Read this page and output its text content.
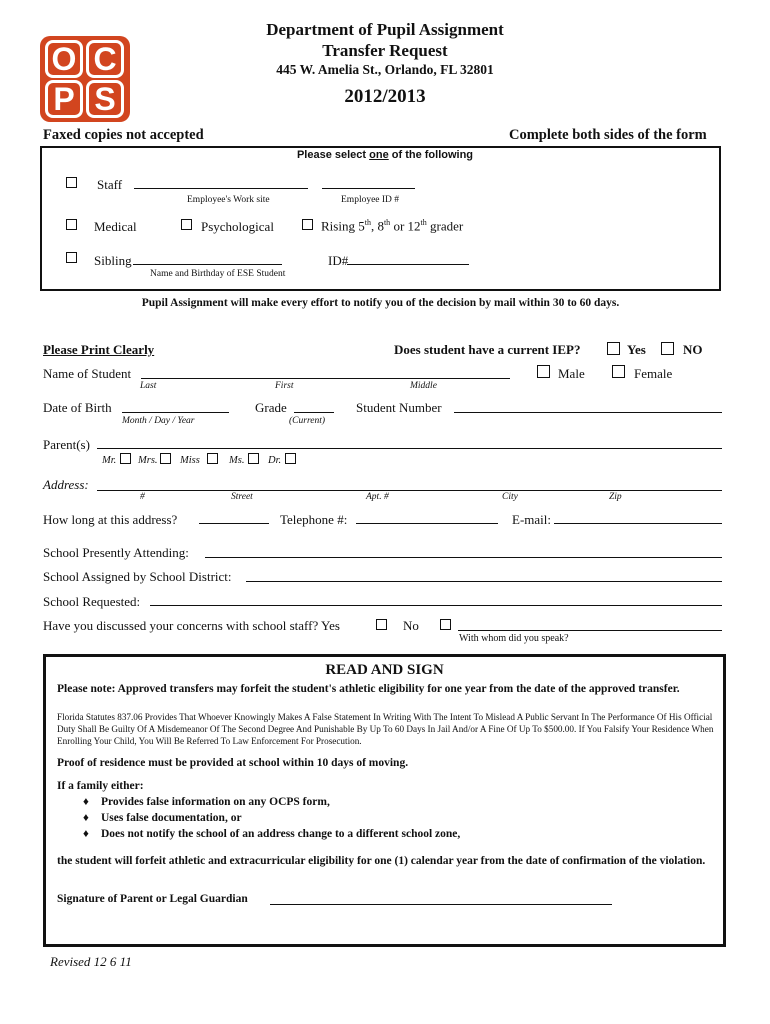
O C
P S
Department of Pupil Assignment
Transfer Request
445 W. Amelia St., Orlando, FL 32801
2012/2013
Faxed copies not accepted	Complete both sides of the form
Please select one of the following
Staff
Employee's Work site	Employee ID #
Medical	Psychological	Rising 5th, 8th or 12th grader
Sibling	ID#
Name and Birthday of ESE Student
Pupil Assignment will make every effort to notify you of the decision by mail within 30 to 60 days.
Please Print Clearly	Does student have a current IEP?	Yes	NO
Name of Student
Last	First	Middle
Male	Female
Date of Birth
Month / Day / Year
Grade
(Current)
Student Number
Parent(s)
Mr. Mrs. Miss	Ms. Dr.
Address:
#	Street	Apt. #	City	Zip
How long at this address?	Telephone #:	E-mail:
School Presently Attending:
School Assigned by School District:
School Requested:
Have you discussed your concerns with school staff? Yes	No
With whom did you speak?
READ AND SIGN
Please note: Approved transfers may forfeit the student's athletic eligibility for one year from the date of the approved transfer.
Florida Statutes 837.06 Provides That Whoever Knowingly Makes A False Statement In Writing With The Intent To Mislead A Public Servant In The Performance Of His Official Duty Shall Be Guilty Of A Misdemeanor Of The Second Degree And Punishable By Up To 60 Days In Jail And/or A Fine Of Up To $500.00. If You Falsify Your Residence When Enrolling Your Child, You Will Be Referred To Law Enforcement For Prosecution.
Proof of residence must be provided at school within 10 days of moving.
If a family either:
♦ Provides false information on any OCPS form,
♦ Uses false documentation, or
♦ Does not notify the school of an address change to a different school zone,
the student will forfeit athletic and extracurricular eligibility for one (1) calendar year from the date of confirmation of the violation.
Signature of Parent or Legal Guardian
Revised 12 6 11
